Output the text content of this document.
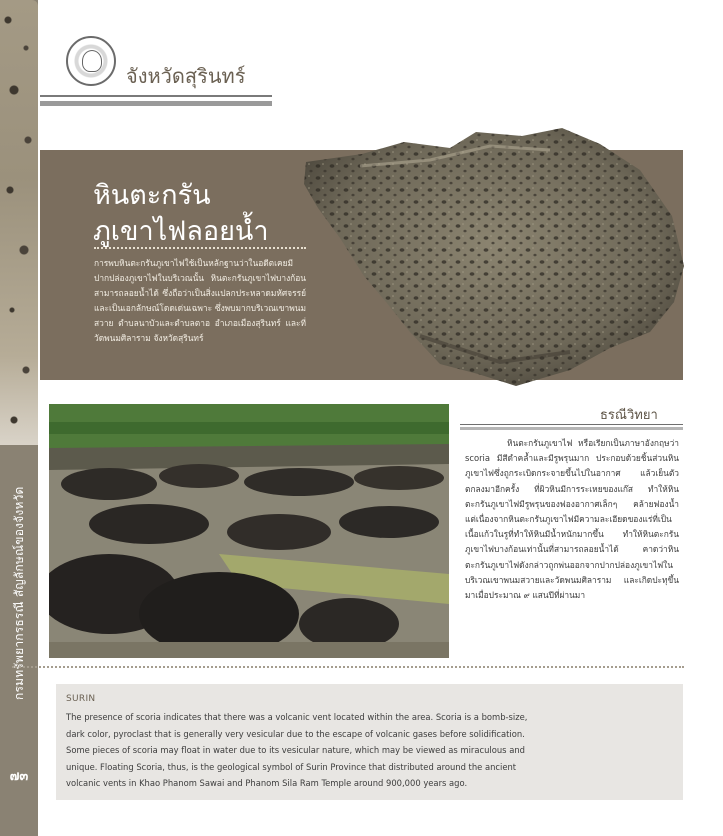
กรมทรัพยากรธรณี สัญลักษณ์ของจังหวัด
๗๓
จังหวัดสุรินทร์
หินตะกรัน
ภูเขาไฟลอยน้ำ
การพบหินตะกรันภูเขาไฟใช้เป็นหลักฐานว่าในอดีตเคยมีปากปล่องภูเขาไฟในบริเวณนั้น หินตะกรันภูเขาไฟบางก้อนสามารถลอยน้ำได้ ซึ่งถือว่าเป็นสิ่งแปลกประหลาดมหัศจรรย์และเป็นเอกลักษณ์โดดเด่นเฉพาะ ซึ่งพบมากบริเวณเขาพนมสวาย ตำบลนาบัวและตำบลตาอ อำเภอเมืองสุรินทร์ และที่วัดพนมศิลาราม จังหวัดสุรินทร์
ธรณีวิทยา
หินตะกรันภูเขาไฟ หรือเรียกเป็นภาษาอังกฤษว่า scoria มีสีดำคล้ำและมีรูพรุนมาก ประกอบด้วยชิ้นส่วนหินภูเขาไฟซึ่งถูกระเบิดกระจายขึ้นไปในอากาศ แล้วเย็นตัวตกลงมาอีกครั้ง ที่ผิวหินมีการระเหยของแก๊ส ทำให้หินตะกรันภูเขาไฟมีรูพรุนของฟองอากาศเล็กๆ คล้ายฟองน้ำ แต่เนื่องจากหินตะกรันภูเขาไฟมีความละเอียดของแร่ที่เป็นเนื้อแก้วในรูที่ทำให้หินมีน้ำหนักมากขึ้น ทำให้หินตะกรันภูเขาไฟบางก้อนเท่านั้นที่สามารถลอยน้ำได้ คาดว่าหินตะกรันภูเขาไฟดังกล่าวถูกพ่นออกจากปากปล่องภูเขาไฟในบริเวณเขาพนมสวายและวัดพนมศิลาราม และเกิดปะทุขึ้นมาเมื่อประมาณ ๙ แสนปีที่ผ่านมา
SURIN
The presence of scoria indicates that there was a volcanic vent located within the area. Scoria is a bomb-size, dark color, pyroclast that is generally very vesicular due to the escape of volcanic gases before solidification. Some pieces of scoria may float in water due to its vesicular nature, which may be viewed as miraculous and unique. Floating Scoria, thus, is the geological symbol of Surin Province that distributed around the ancient volcanic vents in Khao Phanom Sawai and Phanom Sila Ram Temple around 900,000 years ago.
